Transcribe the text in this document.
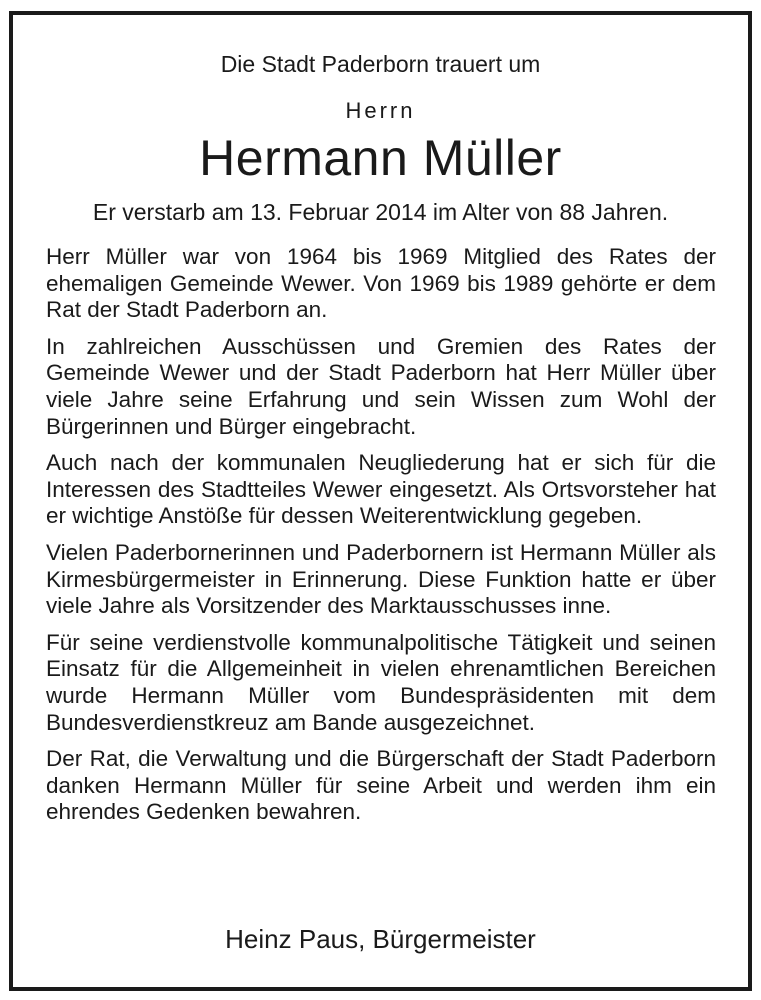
Die Stadt Paderborn trauert um
Herrn
Hermann Müller
Er verstarb am 13. Februar 2014 im Alter von 88 Jahren.

Herr Müller war von 1964 bis 1969 Mitglied des Rates der ehemaligen Gemeinde Wewer. Von 1969 bis 1989 gehörte er dem Rat der Stadt Paderborn an.

In zahlreichen Ausschüssen und Gremien des Rates der Gemeinde Wewer und der Stadt Paderborn hat Herr Müller über viele Jahre seine Erfahrung und sein Wissen zum Wohl der Bürgerinnen und Bürger eingebracht.

Auch nach der kommunalen Neugliederung hat er sich für die Interessen des Stadtteiles Wewer eingesetzt. Als Ortsvorsteher hat er wichtige Anstöße für dessen Weiterentwicklung gegeben.

Vielen Paderbornerinnen und Paderbornern ist Hermann Müller als Kirmesbürgermeister in Erinnerung. Diese Funktion hatte er über viele Jahre als Vorsitzender des Marktausschusses inne.

Für seine verdienstvolle kommunalpolitische Tätigkeit und seinen Einsatz für die Allgemeinheit in vielen ehrenamtlichen Bereichen wurde Hermann Müller vom Bundespräsidenten mit dem Bundesverdienstkreuz am Bande ausgezeichnet.

Der Rat, die Verwaltung und die Bürgerschaft der Stadt Paderborn danken Hermann Müller für seine Arbeit und werden ihm ein ehrendes Gedenken bewahren.

Heinz Paus, Bürgermeister
